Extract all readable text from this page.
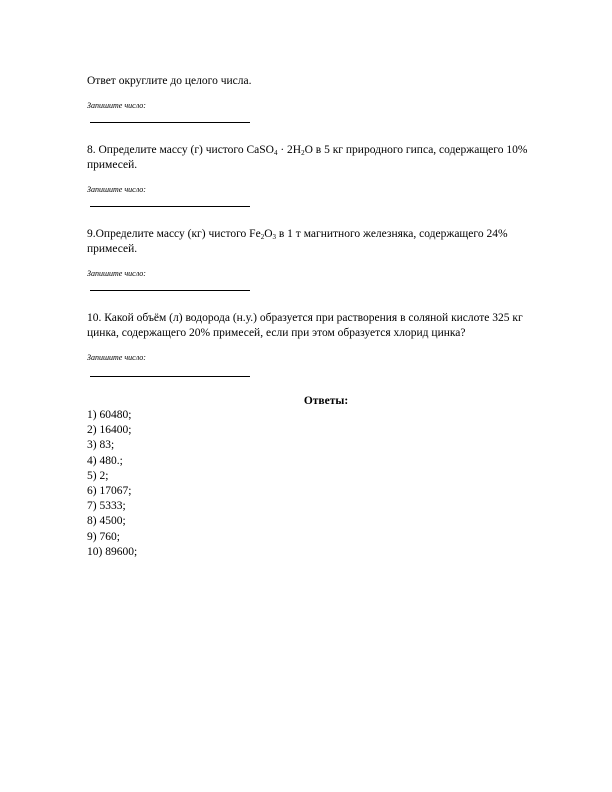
Ответ округлите до целого числа.
Запишите число:
8. Определите массу (г) чистого CaSO$_4$ · $2H_2O$ в 5 кг природного гипса, содержащего 10%
примесей.
Запишите число:
9.Определите массу (кг) чистого $Fe_2O_3$ в 1 т магнитного железняка, содержащего 24%
примесей.
Запишите число:
10. Какой объём (л) водорода (н.у.) образуется при растворения в соляной кислоте 325 кг
цинка, содержащего 20% примесей, если при этом образуется хлорид цинка?
Запишите число:
Ответы:
1) 60480;
2) 16400;
3) 83;
4) 480.;
5) 2;
6) 17067;
7) 5333;
8) 4500;
9) 760;
10) 89600;
